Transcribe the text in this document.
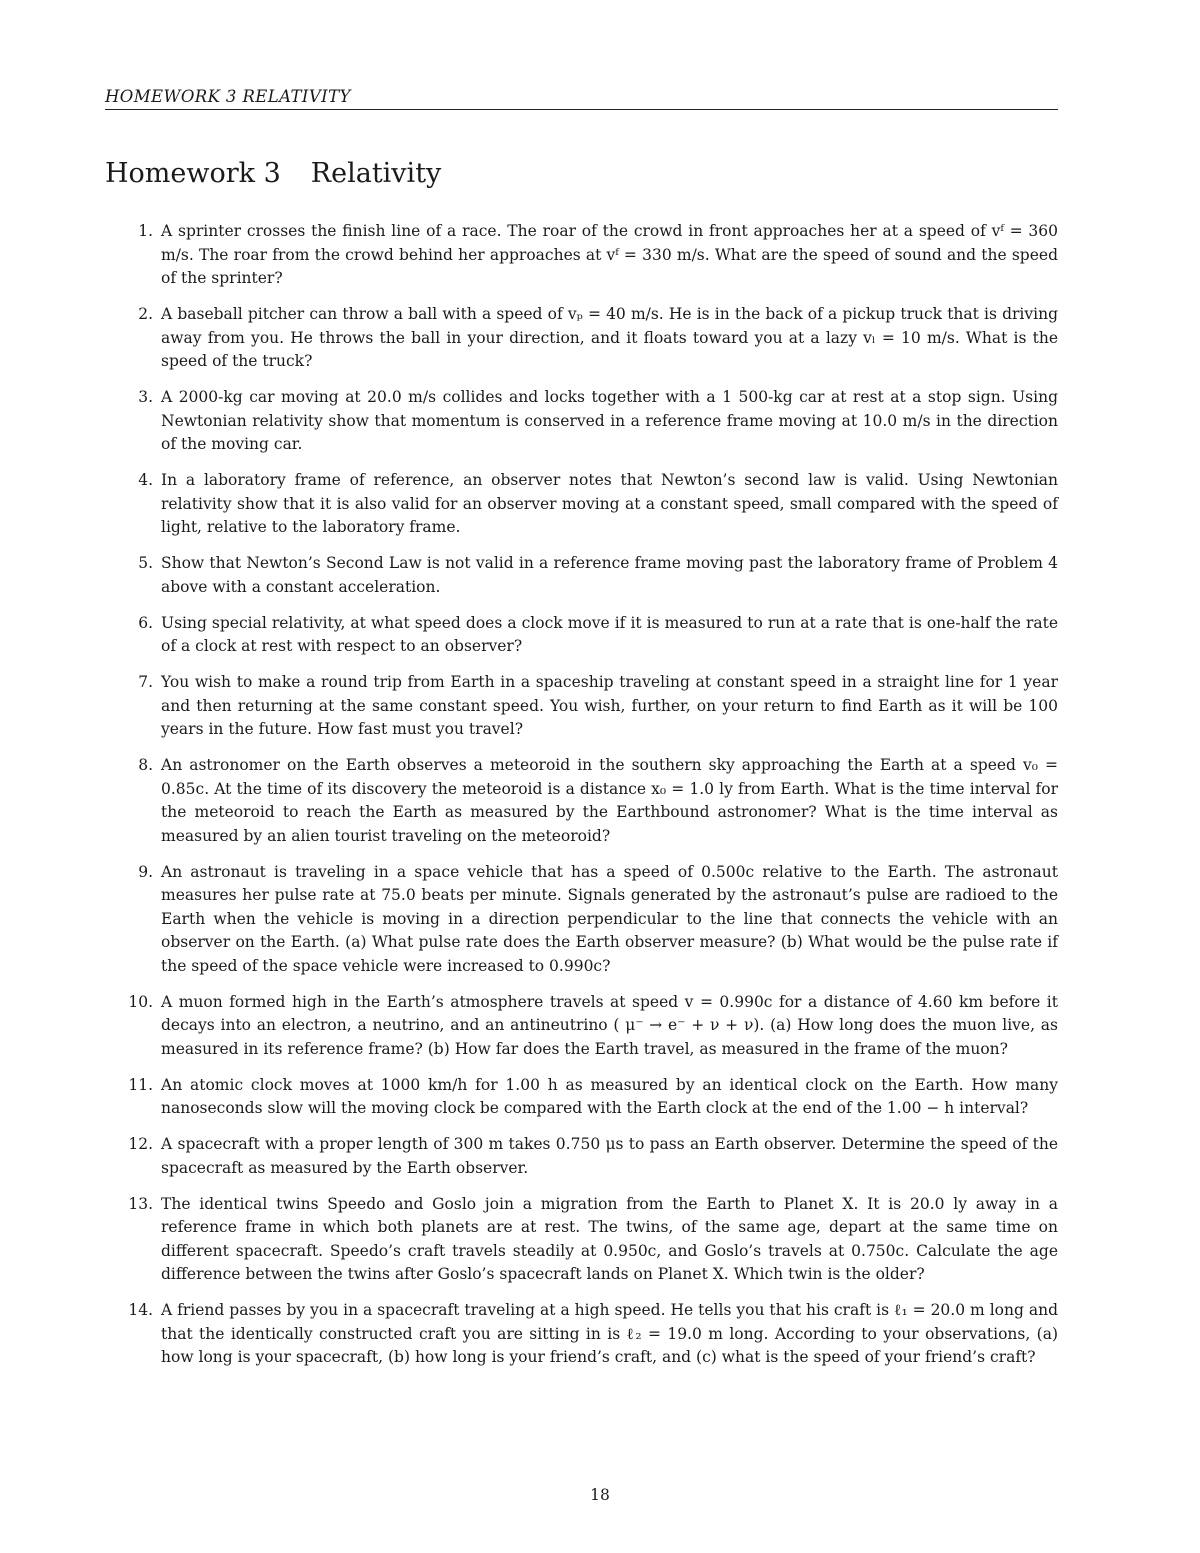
HOMEWORK 3 RELATIVITY
Homework 3 Relativity
1. A sprinter crosses the finish line of a race. The roar of the crowd in front approaches her at a speed of vᶠ = 360 m/s. The roar from the crowd behind her approaches at vᶠ = 330 m/s. What are the speed of sound and the speed of the sprinter?
2. A baseball pitcher can throw a ball with a speed of vₚ = 40 m/s. He is in the back of a pickup truck that is driving away from you. He throws the ball in your direction, and it floats toward you at a lazy vₗ = 10 m/s. What is the speed of the truck?
3. A 2000-kg car moving at 20.0 m/s collides and locks together with a 1 500-kg car at rest at a stop sign. Using Newtonian relativity show that momentum is conserved in a reference frame moving at 10.0 m/s in the direction of the moving car.
4. In a laboratory frame of reference, an observer notes that Newton’s second law is valid. Using Newtonian relativity show that it is also valid for an observer moving at a constant speed, small compared with the speed of light, relative to the laboratory frame.
5. Show that Newton’s Second Law is not valid in a reference frame moving past the laboratory frame of Problem 4 above with a constant acceleration.
6. Using special relativity, at what speed does a clock move if it is measured to run at a rate that is one-half the rate of a clock at rest with respect to an observer?
7. You wish to make a round trip from Earth in a spaceship traveling at constant speed in a straight line for 1 year and then returning at the same constant speed. You wish, further, on your return to find Earth as it will be 100 years in the future. How fast must you travel?
8. An astronomer on the Earth observes a meteoroid in the southern sky approaching the Earth at a speed v₀ = 0.85c. At the time of its discovery the meteoroid is a distance x₀ = 1.0 ly from Earth. What is the time interval for the meteoroid to reach the Earth as measured by the Earthbound astronomer? What is the time interval as measured by an alien tourist traveling on the meteoroid?
9. An astronaut is traveling in a space vehicle that has a speed of 0.500c relative to the Earth. The astronaut measures her pulse rate at 75.0 beats per minute. Signals generated by the astronaut’s pulse are radioed to the Earth when the vehicle is moving in a direction perpendicular to the line that connects the vehicle with an observer on the Earth. (a) What pulse rate does the Earth observer measure? (b) What would be the pulse rate if the speed of the space vehicle were increased to 0.990c?
10. A muon formed high in the Earth’s atmosphere travels at speed v = 0.990c for a distance of 4.60 km before it decays into an electron, a neutrino, and an antineutrino ( μ⁻ → e⁻ + ν + ν). (a) How long does the muon live, as measured in its reference frame? (b) How far does the Earth travel, as measured in the frame of the muon?
11. An atomic clock moves at 1000 km/h for 1.00 h as measured by an identical clock on the Earth. How many nanoseconds slow will the moving clock be compared with the Earth clock at the end of the 1.00 − h interval?
12. A spacecraft with a proper length of 300 m takes 0.750 μs to pass an Earth observer. Determine the speed of the spacecraft as measured by the Earth observer.
13. The identical twins Speedo and Goslo join a migration from the Earth to Planet X. It is 20.0 ly away in a reference frame in which both planets are at rest. The twins, of the same age, depart at the same time on different spacecraft. Speedo’s craft travels steadily at 0.950c, and Goslo’s travels at 0.750c. Calculate the age difference between the twins after Goslo’s spacecraft lands on Planet X. Which twin is the older?
14. A friend passes by you in a spacecraft traveling at a high speed. He tells you that his craft is ℓ₁ = 20.0 m long and that the identically constructed craft you are sitting in is ℓ₂ = 19.0 m long. According to your observations, (a) how long is your spacecraft, (b) how long is your friend’s craft, and (c) what is the speed of your friend’s craft?
18
